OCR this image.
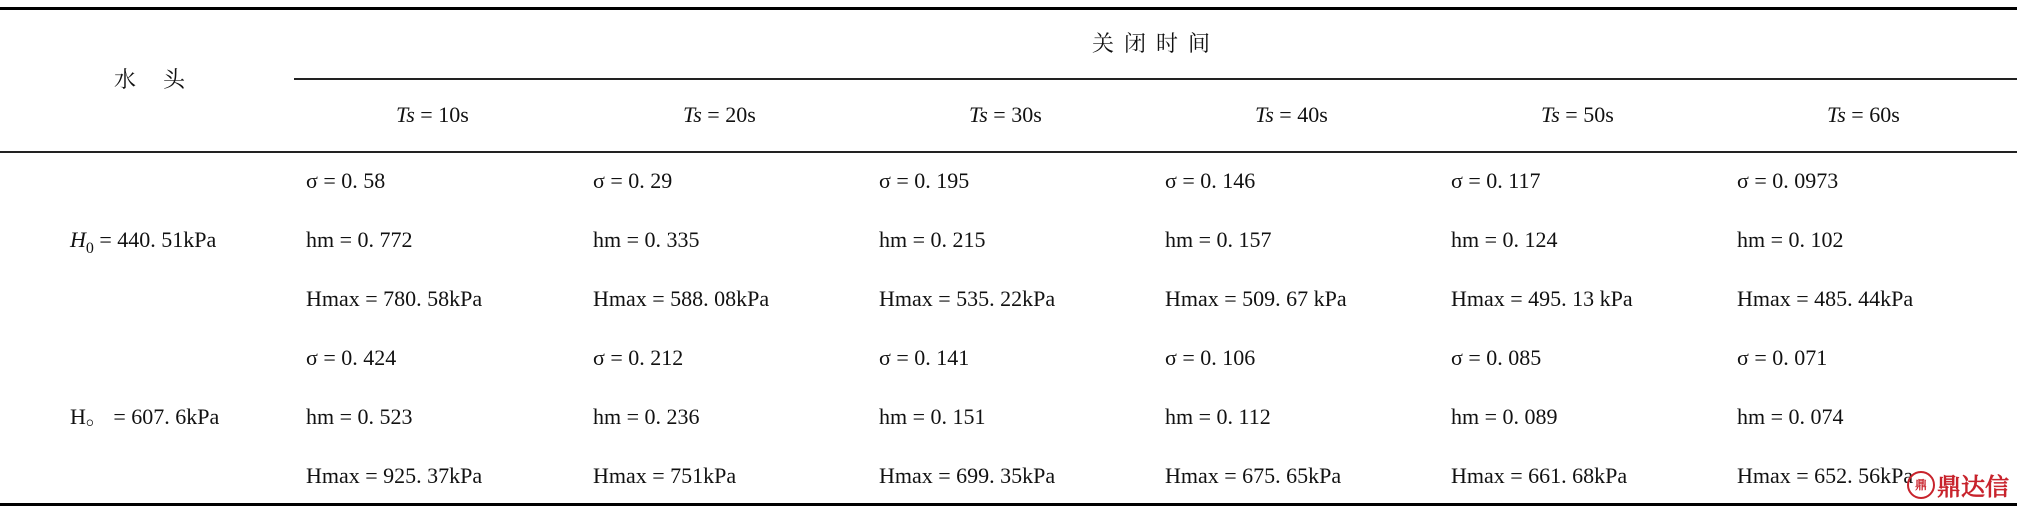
水 头
关闭时间
Ts = 10s	Ts = 20s	Ts = 30s	Ts = 40s	Ts = 50s	Ts = 60s
$H_0 = 440$. 51kPa
σ = 0. 58	σ = 0. 29	σ = 0. 195	σ = 0. 146	σ = 0. 117	σ = 0. 0973
hm = 0. 772	hm = 0. 335	hm = 0. 215	hm = 0. 157	hm = 0. 124	hm = 0. 102
Hmax = 780. 58kPa	Hmax = 588. 08kPa	Hmax = 535. 22kPa	Hmax = 509. 67 kPa	Hmax = 495. 13 kPa	Hmax = 485. 44kPa
H。 = 607. 6kPa
σ = 0. 424	σ = 0. 212	σ = 0. 141	σ = 0. 106	σ = 0. 085	σ = 0. 071
hm = 0. 523	hm = 0. 236	hm = 0. 151	hm = 0. 112	hm = 0. 089	hm = 0. 074
Hmax = 925. 37kPa	Hmax = 751kPa	Hmax = 699. 35kPa	Hmax = 675. 65kPa	Hmax = 661. 68kPa	Hmax = 652. 56kPa 鼎 鼎达信
